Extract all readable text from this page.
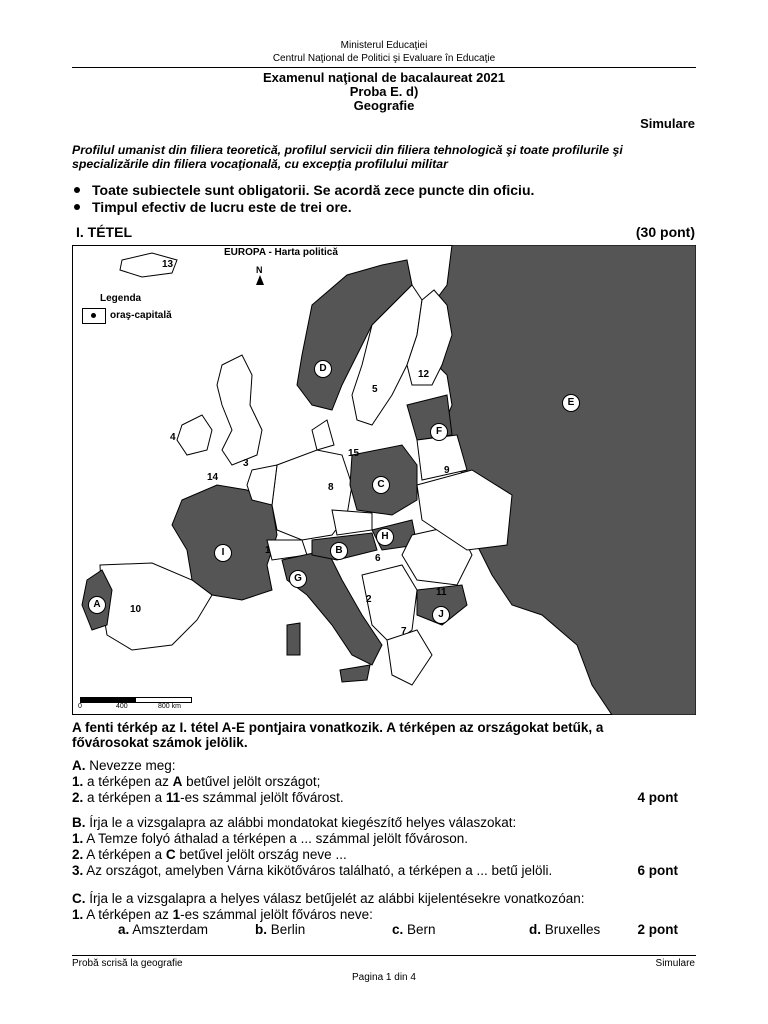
Ministerul Educaţiei
Centrul Naţional de Politici şi Evaluare în Educaţie
Examenul naţional de bacalaureat 2021
Proba E. d)
Geografie
Simulare
Profilul umanist din filiera teoretică, profilul servicii din filiera tehnologică şi toate profilurile şi
specializările din filiera vocaţională, cu excepţia profilului militar
Toate subiectele sunt obligatorii. Se acordă zece puncte din oficiu.
Timpul efectiv de lucru este de trei ore.
I. TÉTEL	(30 pont)
EUROPA - Harta politică
N
Legenda
oraş-capitală
A
B
C
D
E
F
G
H
I
J
1
2
3
4
5
6
7
8
9
10
11
12
13
14
15
0	400	800 km
A fenti térkép az I. tétel A-E pontjaira vonatkozik. A térképen az országokat betűk, a
fővárosokat számok jelölik.
A. Nevezze meg:
1. a térképen az A betűvel jelölt országot;
2. a térképen a 11-es számmal jelölt fővárost.	4 pont
B. Írja le a vizsgalapra az alábbi mondatokat kiegészítő helyes válaszokat:
1. A Temze folyó áthalad a térképen a ... számmal jelölt fővároson.
2. A térképen a C betűvel jelölt ország neve ...
3. Az országot, amelyben Várna kikötőváros található, a térképen a ... betű jelöli.	6 pont
C. Írja le a vizsgalapra a helyes válasz betűjelét az alábbi kijelentésekre vonatkozóan:
1. A térképen az 1-es számmal jelölt főváros neve:
a. Amszterdam	b. Berlin	c. Bern	d. Bruxelles	2 pont
Probă scrisă la geografie	Simulare
Pagina 1 din 4
